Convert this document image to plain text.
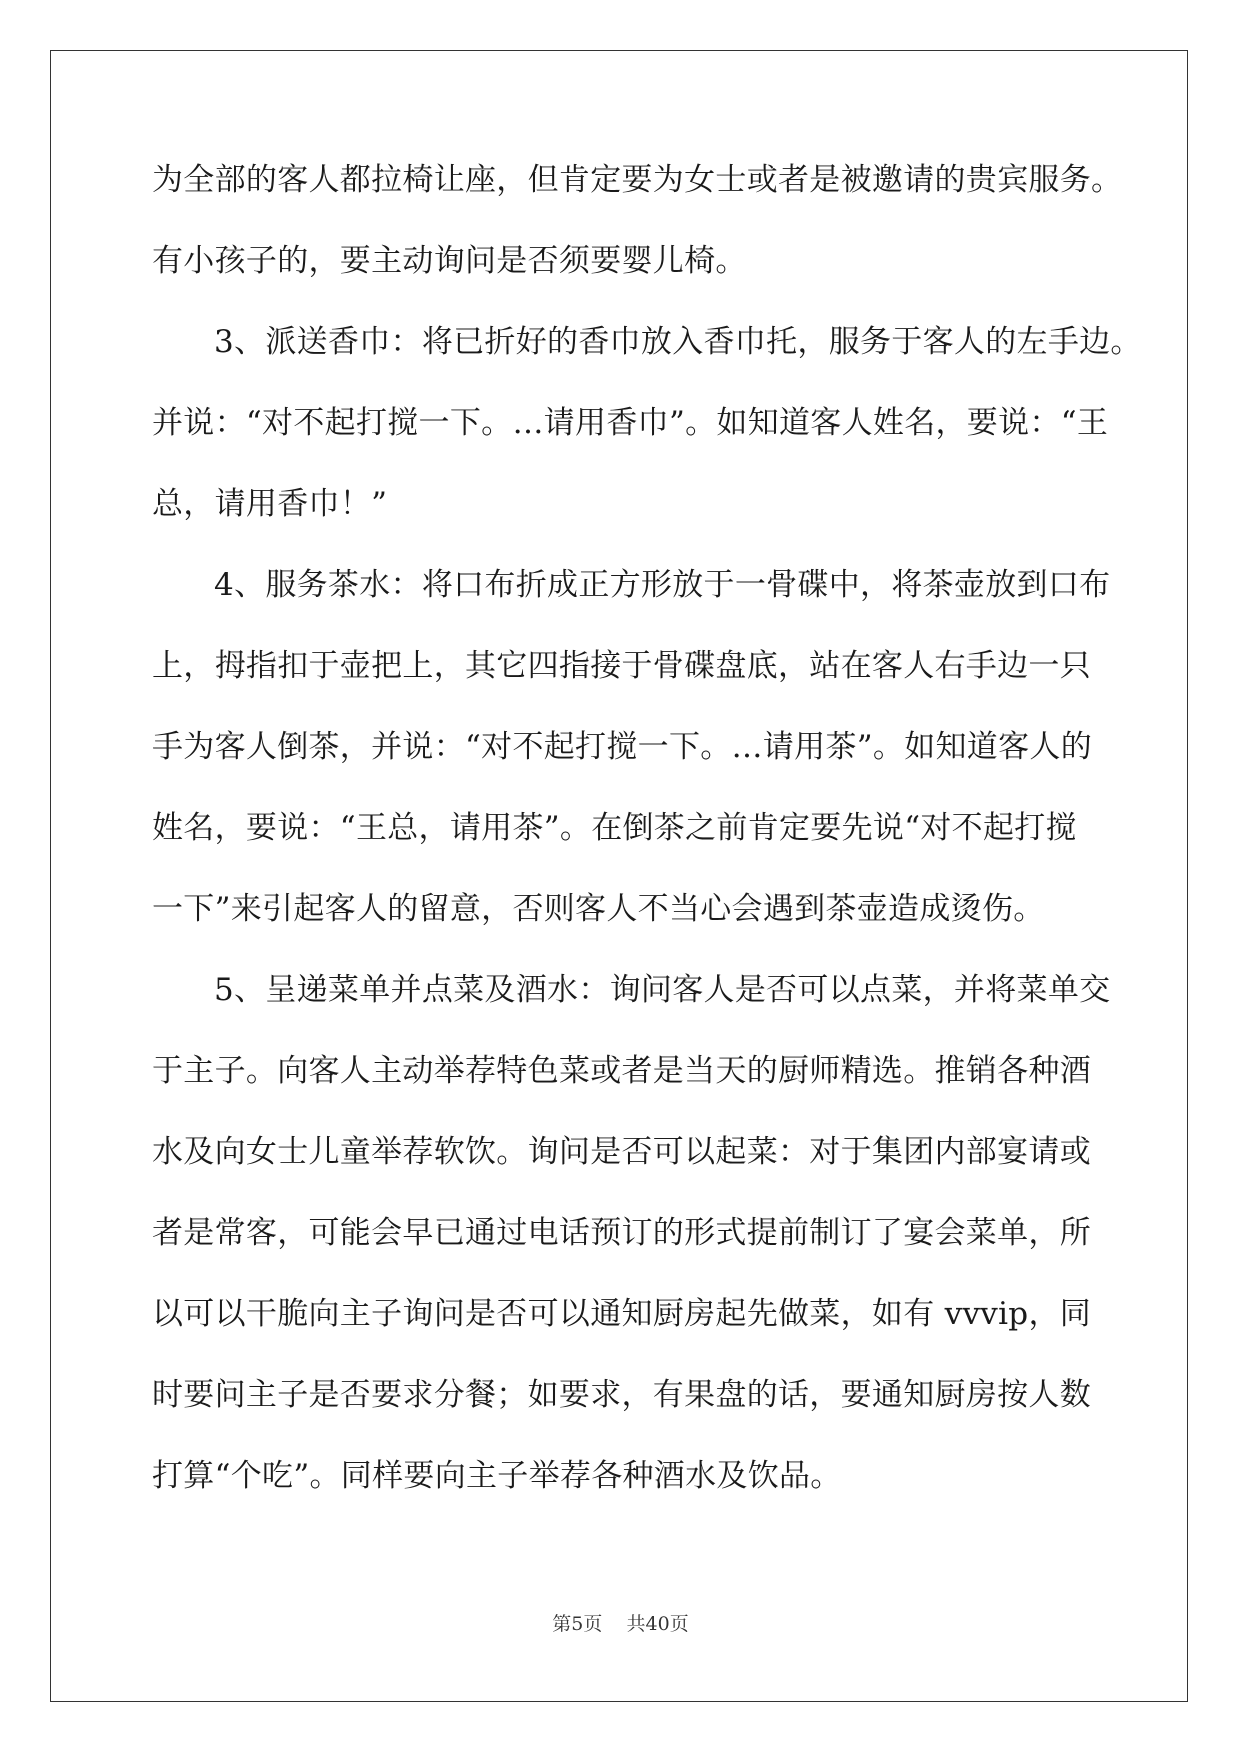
为全部的客人都拉椅让座，但肯定要为女士或者是被邀请的贵宾服务。
有小孩子的，要主动询问是否须要婴儿椅。
3、派送香巾：将已折好的香巾放入香巾托，服务于客人的左手边。
并说：“对不起打搅一下。…请用香巾”。如知道客人姓名，要说：“王
总，请用香巾！”
4、服务茶水：将口布折成正方形放于一骨碟中，将茶壶放到口布
上，拇指扣于壶把上，其它四指接于骨碟盘底，站在客人右手边一只
手为客人倒茶，并说：“对不起打搅一下。…请用茶”。如知道客人的
姓名，要说：“王总，请用茶”。在倒茶之前肯定要先说“对不起打搅
一下”来引起客人的留意，否则客人不当心会遇到茶壶造成烫伤。
5、呈递菜单并点菜及酒水：询问客人是否可以点菜，并将菜单交
于主子。向客人主动举荐特色菜或者是当天的厨师精选。推销各种酒
水及向女士儿童举荐软饮。询问是否可以起菜：对于集团内部宴请或
者是常客，可能会早已通过电话预订的形式提前制订了宴会菜单，所
以可以干脆向主子询问是否可以通知厨房起先做菜，如有 vvvip，同
时要问主子是否要求分餐；如要求，有果盘的话，要通知厨房按人数
打算“个吃”。同样要向主子举荐各种酒水及饮品。
第5页 共40页
